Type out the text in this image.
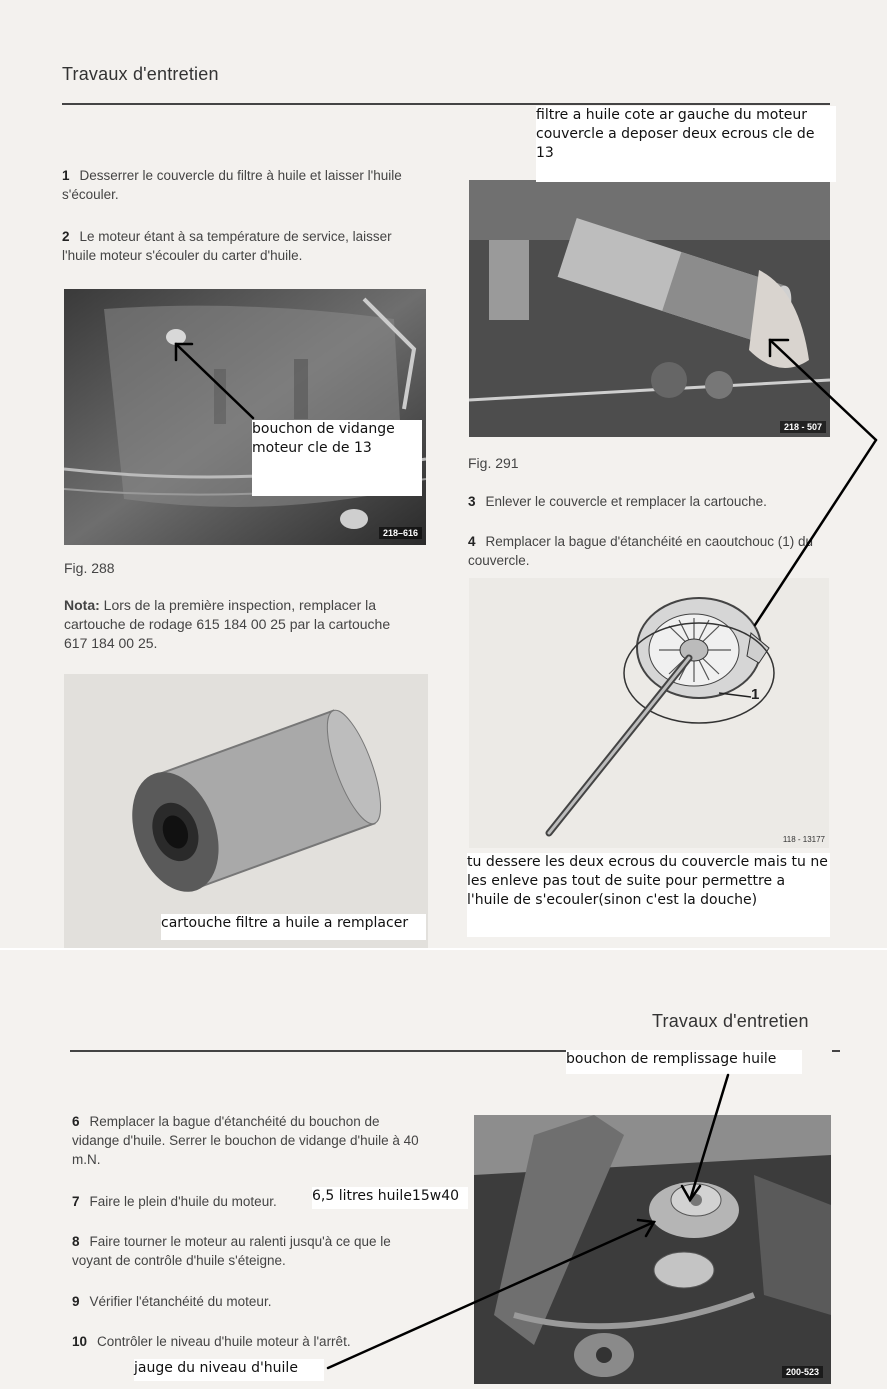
Travaux d'entretien
1 Desserrer le couvercle du filtre à huile et laisser l'huile s'écouler.
2 Le moteur étant à sa température de service, laisser l'huile moteur s'écouler du carter d'huile.
218–616
Fig. 288
Nota: Lors de la première inspection, remplacer la cartouche de rodage 615 184 00 25 par la cartouche 617 184 00 25.
218 - 507
Fig. 291
3 Enlever le couvercle et remplacer la cartouche.
4 Remplacer la bague d'étanchéité en caoutchouc (1) du couvercle.
1
118 - 13177
filtre a huile cote ar gauche du moteur couvercle a deposer deux ecrous cle de 13
bouchon de vidange moteur cle de 13
cartouche filtre a huile a remplacer
tu dessere les deux ecrous du couvercle mais tu ne les enleve pas tout de suite pour permettre a l'huile de s'ecouler(sinon c'est la douche)
Travaux d'entretien
6 Remplacer la bague d'étanchéité du bouchon de vidange d'huile. Serrer le bouchon de vidange d'huile à 40 m.N.
7 Faire le plein d'huile du moteur.
8 Faire tourner le moteur au ralenti jusqu'à ce que le voyant de contrôle d'huile s'éteigne.
9 Vérifier l'étanchéité du moteur.
10 Contrôler le niveau d'huile moteur à l'arrêt.
200-523
bouchon de remplissage huile
6,5 litres huile15w40
jauge du niveau d'huile
